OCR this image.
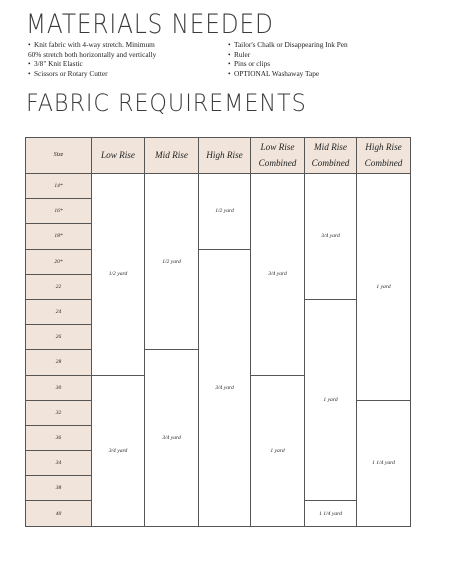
MATERIALS NEEDED
• Knit fabric with 4-way stretch. Minimum
60% stretch both horizontally and vertically
• 3/8" Knit Elastic
• Scissors or Rotary Cutter
• Tailor's Chalk or Disappearing Ink Pen
• Ruler
• Pins or clips
• OPTIONAL Washaway Tape
FABRIC REQUIREMENTS
Size	Low Rise	Mid Rise	High Rise	Low Rise Combined	Mid Rise Combined	High Rise Combined
14*	1/2 yard	1/2 yard	1/2 yard	3/4 yard	3/4 yard	1 yard
16*						
18*						
20*			3/4 yard			
22						
24					1 yard	
26						
28		3/4 yard				
30	3/4 yard			1 yard		
32						1 1/4 yard
36						
34						
38						
40					1 1/4 yard	
